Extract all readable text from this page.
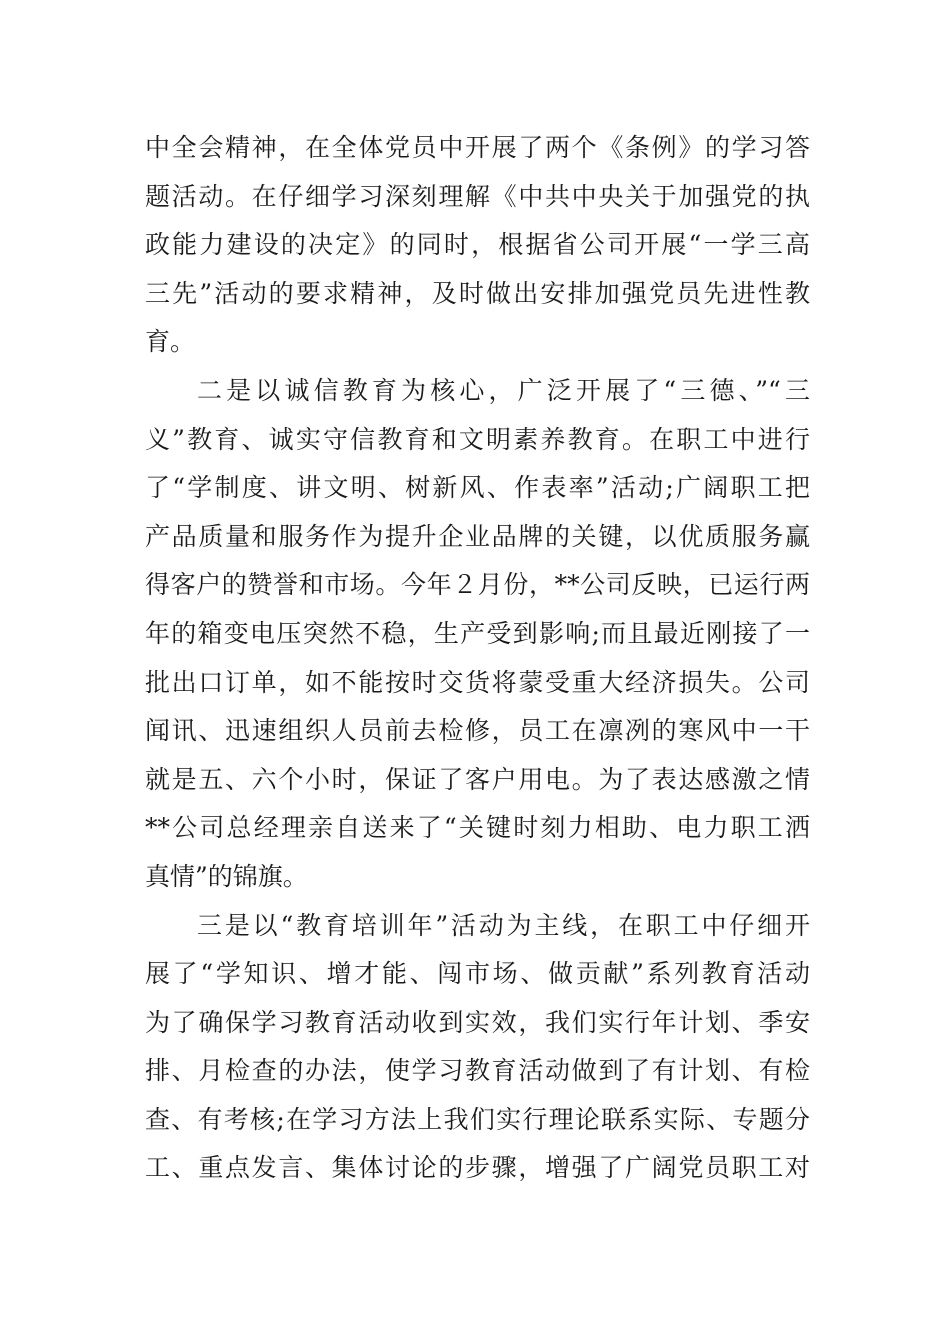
中全会精神，在全体党员中开展了两个《条例》的学习答
题活动。在仔细学习深刻理解《中共中央关于加强党的执
政能力建设的决定》的同时，根据省公司开展“一学三高
三先”活动的要求精神，及时做出安排加强党员先进性教
育。
二是以诚信教育为核心，广泛开展了“三德、”“三
义”教育、诚实守信教育和文明素养教育。在职工中进行
了“学制度、讲文明、树新风、作表率”活动;广阔职工把
产品质量和服务作为提升企业品牌的关键，以优质服务赢
得客户的赞誉和市场。今年２月份，**公司反映，已运行两
年的箱变电压突然不稳，生产受到影响;而且最近刚接了一
批出口订单，如不能按时交货将蒙受重大经济损失。公司
闻讯、迅速组织人员前去检修，员工在凛冽的寒风中一干
就是五、六个小时，保证了客户用电。为了表达感激之情
**公司总经理亲自送来了“关键时刻力相助、电力职工洒
真情”的锦旗。
三是以“教育培训年”活动为主线，在职工中仔细开
展了“学知识、增才能、闯市场、做贡献”系列教育活动
为了确保学习教育活动收到实效，我们实行年计划、季安
排、月检查的办法，使学习教育活动做到了有计划、有检
查、有考核;在学习方法上我们实行理论联系实际、专题分
工、重点发言、集体讨论的步骤，增强了广阔党员职工对
